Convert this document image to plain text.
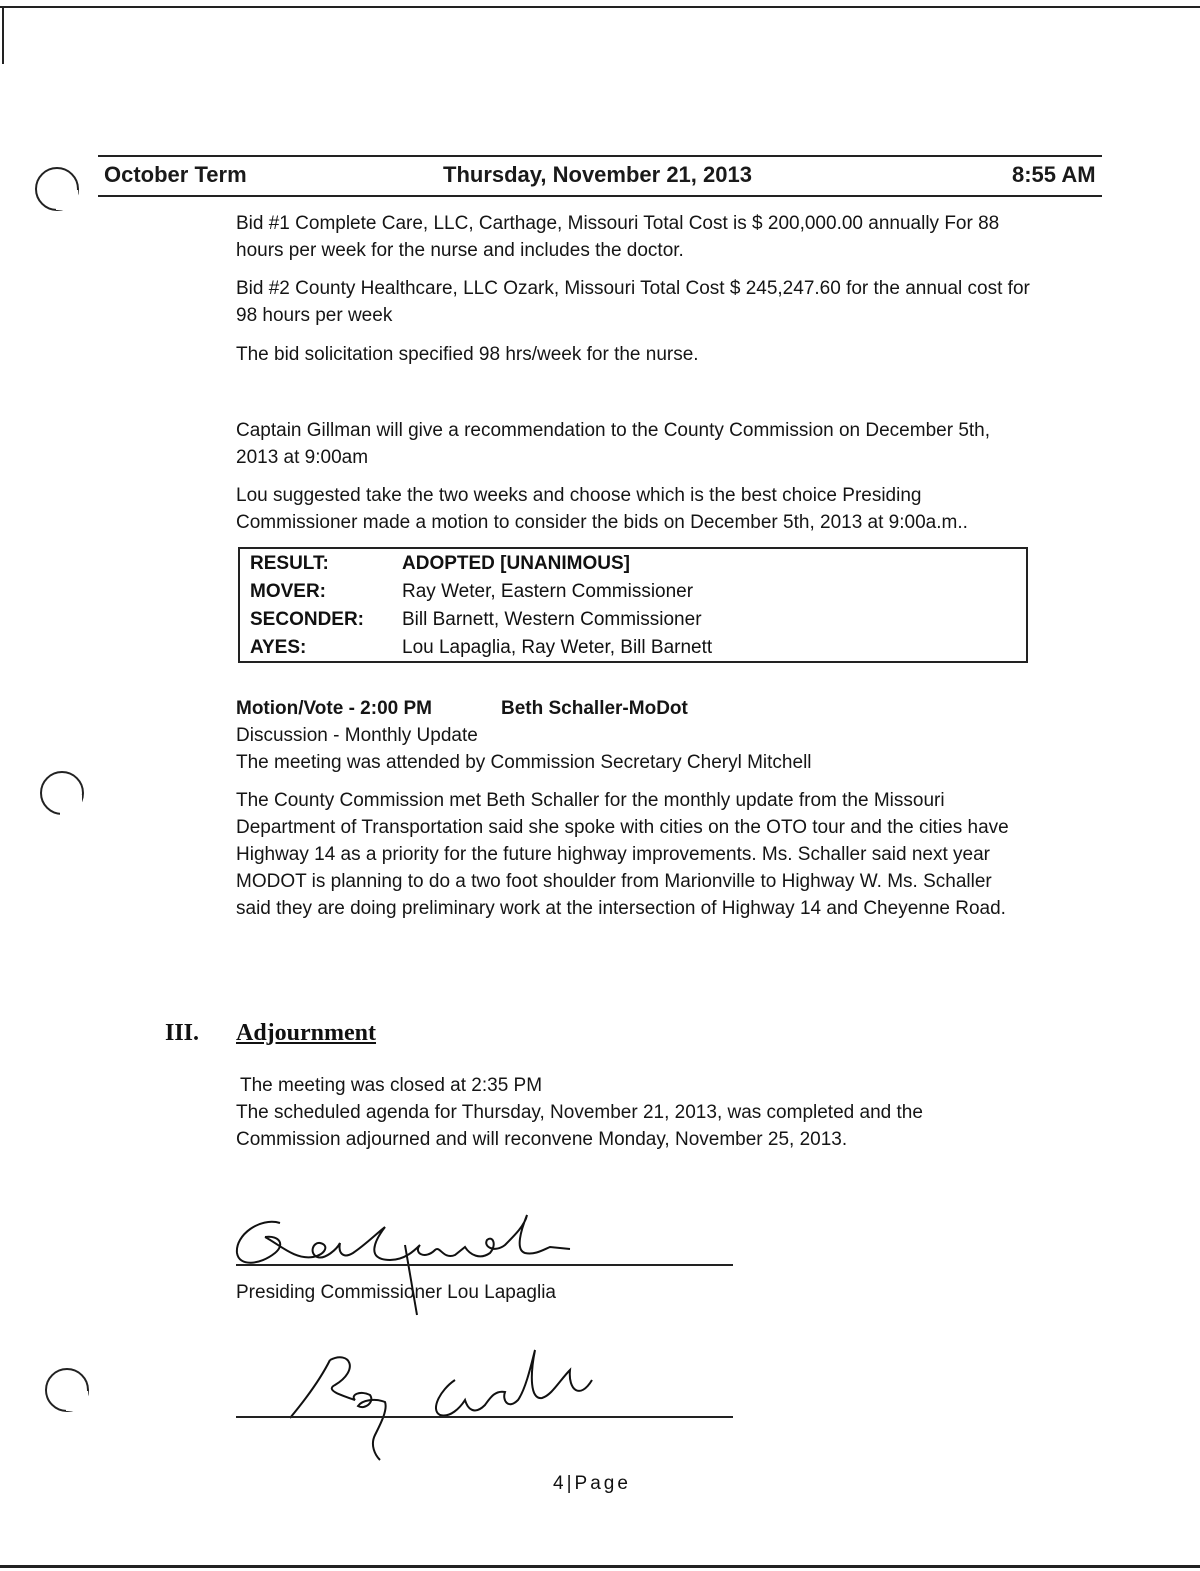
October Term	Thursday, November 21, 2013	8:55 AM

Bid #1 Complete Care, LLC, Carthage, Missouri Total Cost is $ 200,000.00 annually For 88 hours per week for the nurse and includes the doctor.

Bid #2 County Healthcare, LLC Ozark, Missouri Total Cost $ 245,247.60 for the annual cost for 98 hours per week

The bid solicitation specified 98 hrs/week for the nurse.

Captain Gillman will give a recommendation to the County Commission on December 5th, 2013 at 9:00am

Lou suggested take the two weeks and choose which is the best choice Presiding Commissioner made a motion to consider the bids on December 5th, 2013 at 9:00a.m..

RESULT:	ADOPTED [UNANIMOUS]
MOVER:	Ray Weter, Eastern Commissioner
SECONDER: Bill Barnett, Western Commissioner
AYES:	Lou Lapaglia, Ray Weter, Bill Barnett
Motion/Vote - 2:00 PM	Beth Schaller-MoDot
Discussion - Monthly Update
The meeting was attended by Commission Secretary Cheryl Mitchell

The County Commission met Beth Schaller for the monthly update from the Missouri Department of Transportation said she spoke with cities on the OTO tour and the cities have Highway 14 as a priority for the future highway improvements. Ms. Schaller said next year MODOT is planning to do a two foot shoulder from Marionville to Highway W. Ms. Schaller said they are doing preliminary work at the intersection of Highway 14 and Cheyenne Road.

III. Adjournment
The meeting was closed at 2:35 PM

The scheduled agenda for Thursday, November 21, 2013, was completed and the Commission adjourned and will reconvene Monday, November 25, 2013.

Presiding Commissioner Lou Lapaglia
4|Page
